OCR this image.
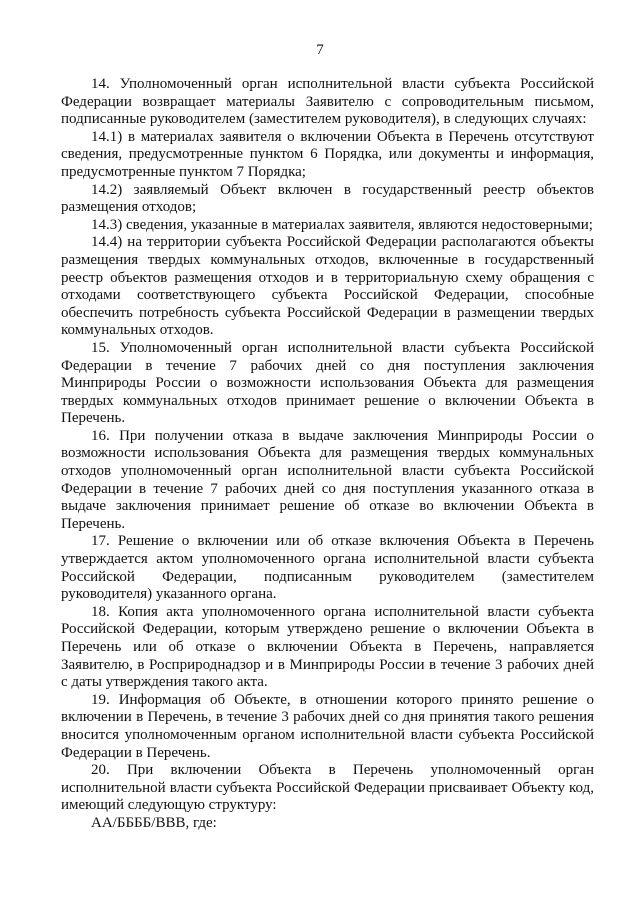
7

14. Уполномоченный орган исполнительной власти субъекта Российской Федерации возвращает материалы Заявителю с сопроводительным письмом, подписанные руководителем (заместителем руководителя), в следующих случаях:

14.1) в материалах заявителя о включении Объекта в Перечень отсутствуют сведения, предусмотренные пунктом 6 Порядка, или документы и информация, предусмотренные пунктом 7 Порядка;

14.2) заявляемый Объект включен в государственный реестр объектов размещения отходов;

14.3) сведения, указанные в материалах заявителя, являются недостоверными;

14.4) на территории субъекта Российской Федерации располагаются объекты размещения твердых коммунальных отходов, включенные в государственный реестр объектов размещения отходов и в территориальную схему обращения с отходами соответствующего субъекта Российской Федерации, способные обеспечить потребность субъекта Российской Федерации в размещении твердых коммунальных отходов.

15. Уполномоченный орган исполнительной власти субъекта Российской Федерации в течение 7 рабочих дней со дня поступления заключения Минприроды России о возможности использования Объекта для размещения твердых коммунальных отходов принимает решение о включении Объекта в Перечень.

16. При получении отказа в выдаче заключения Минприроды России о возможности использования Объекта для размещения твердых коммунальных отходов уполномоченный орган исполнительной власти субъекта Российской Федерации в течение 7 рабочих дней со дня поступления указанного отказа в выдаче заключения принимает решение об отказе во включении Объекта в Перечень.

17. Решение о включении или об отказе включения Объекта в Перечень утверждается актом уполномоченного органа исполнительной власти субъекта Российской Федерации, подписанным руководителем (заместителем руководителя) указанного органа.

18. Копия акта уполномоченного органа исполнительной власти субъекта Российской Федерации, которым утверждено решение о включении Объекта в Перечень или об отказе о включении Объекта в Перечень, направляется Заявителю, в Росприроднадзор и в Минприроды России в течение 3 рабочих дней с даты утверждения такого акта.

19. Информация об Объекте, в отношении которого принято решение о включении в Перечень, в течение 3 рабочих дней со дня принятия такого решения вносится уполномоченным органом исполнительной власти субъекта Российской Федерации в Перечень.

20. При включении Объекта в Перечень уполномоченный орган исполнительной власти субъекта Российской Федерации присваивает Объекту код, имеющий следующую структуру:

АА/ББББ/ВВВ, где:
